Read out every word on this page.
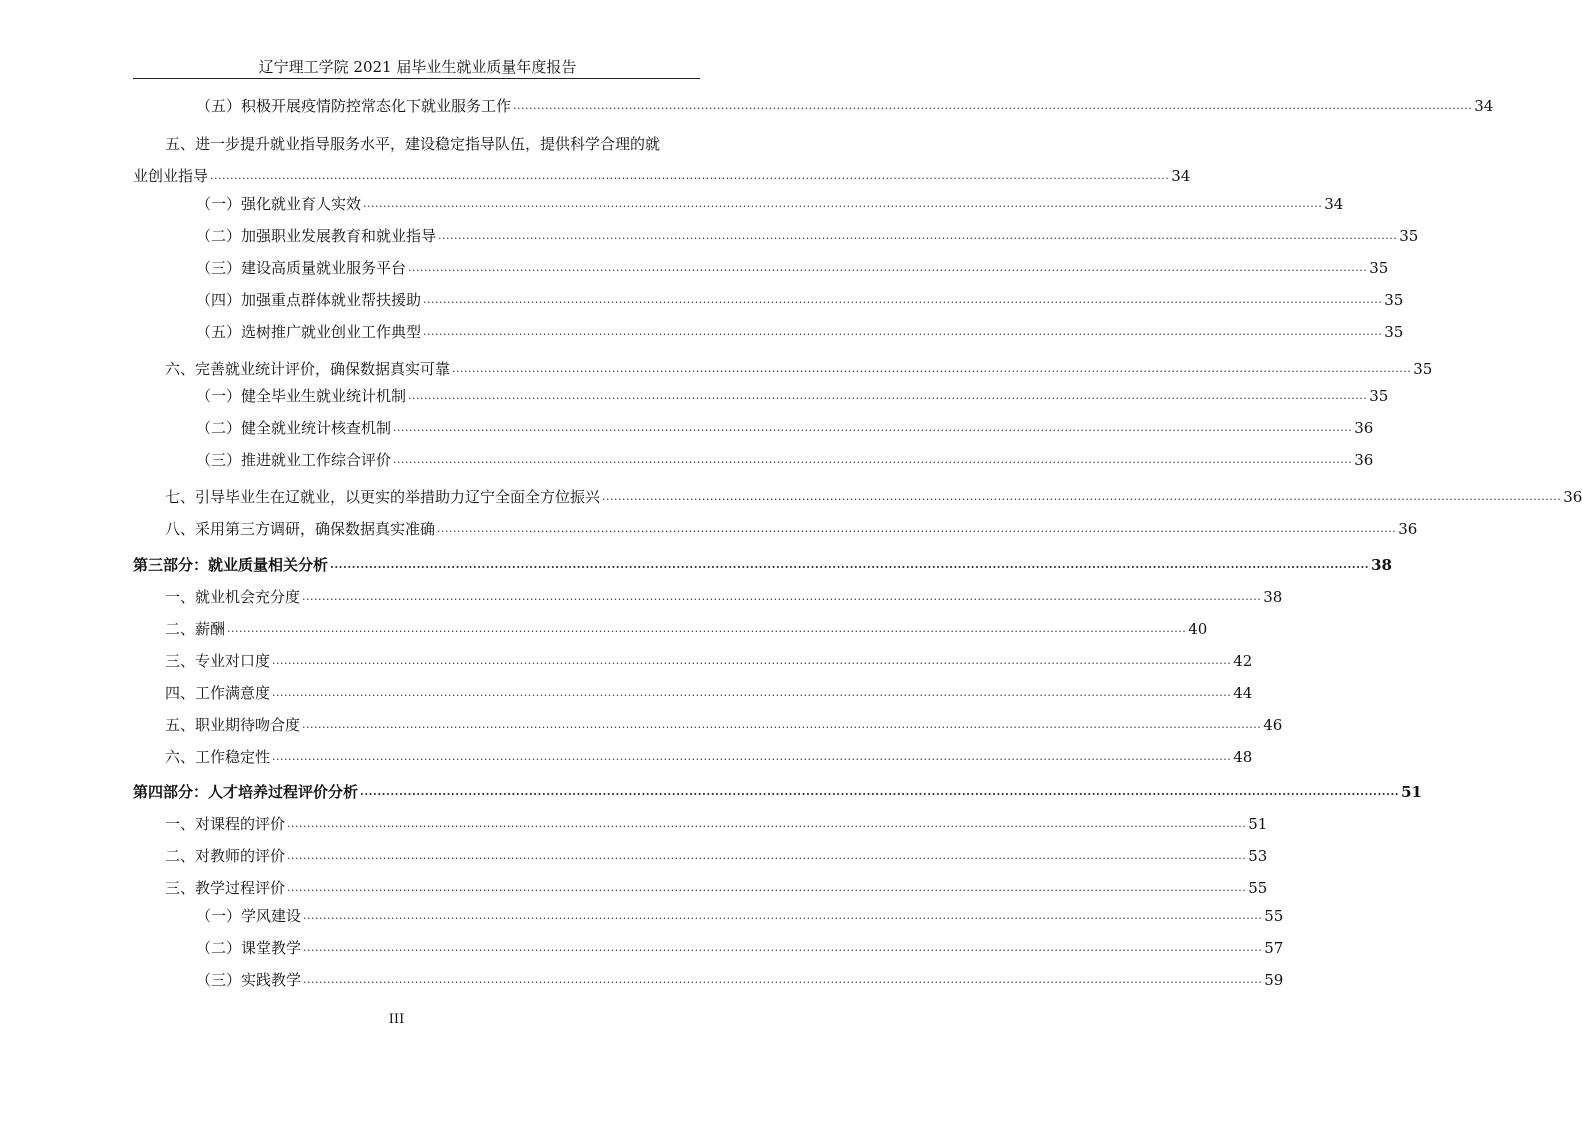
辽宁理工学院 2021 届毕业生就业质量年度报告
（五）积极开展疫情防控常态化下就业服务工作 ................................................................................................................................................................................................................................................ 34
五、进一步提升就业指导服务水平，建设稳定指导队伍，提供科学合理的就
业创业指导 ................................................................................................................................................................................................................................................ 34
（一）强化就业育人实效 ................................................................................................................................................................................................................................................ 34
（二）加强职业发展教育和就业指导 ................................................................................................................................................................................................................................................ 35
（三）建设高质量就业服务平台 ................................................................................................................................................................................................................................................ 35
（四）加强重点群体就业帮扶援助 ................................................................................................................................................................................................................................................ 35
（五）选树推广就业创业工作典型 ................................................................................................................................................................................................................................................ 35
六、完善就业统计评价，确保数据真实可靠 ................................................................................................................................................................................................................................................ 35
（一）健全毕业生就业统计机制 ................................................................................................................................................................................................................................................ 35
（二）健全就业统计核查机制 ................................................................................................................................................................................................................................................ 36
（三）推进就业工作综合评价 ................................................................................................................................................................................................................................................ 36
七、引导毕业生在辽就业，以更实的举措助力辽宁全面全方位振兴 ................................................................................................................................................................................................................................................ 36
八、采用第三方调研，确保数据真实准确 ................................................................................................................................................................................................................................................ 36
第三部分：就业质量相关分析 ................................................................................................................................................................................................................................................ 38
一、就业机会充分度 ................................................................................................................................................................................................................................................ 38
二、薪酬 ................................................................................................................................................................................................................................................ 40
三、专业对口度 ................................................................................................................................................................................................................................................ 42
四、工作满意度 ................................................................................................................................................................................................................................................ 44
五、职业期待吻合度 ................................................................................................................................................................................................................................................ 46
六、工作稳定性 ................................................................................................................................................................................................................................................ 48
第四部分：人才培养过程评价分析 ................................................................................................................................................................................................................................................ 51
一、对课程的评价 ................................................................................................................................................................................................................................................ 51
二、对教师的评价 ................................................................................................................................................................................................................................................ 53
三、教学过程评价 ................................................................................................................................................................................................................................................ 55
（一）学风建设 ................................................................................................................................................................................................................................................ 55
（二）课堂教学 ................................................................................................................................................................................................................................................ 57
（三）实践教学 ................................................................................................................................................................................................................................................ 59
III
